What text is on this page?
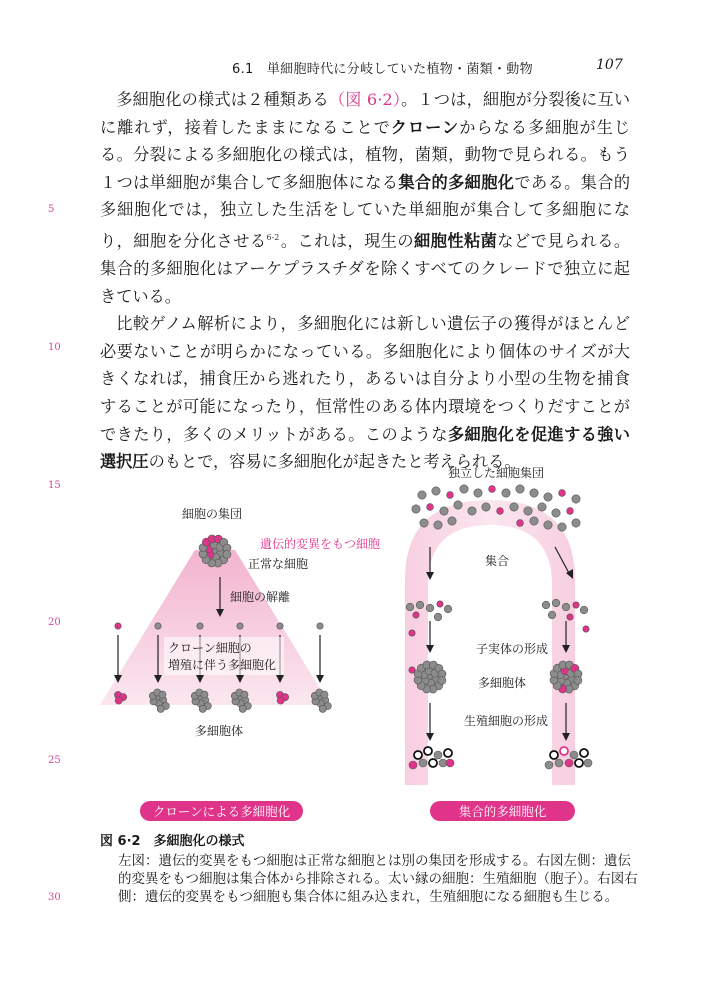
6.1　単細胞時代に分岐していた植物・菌類・動物	107
5
10
15
20
25
30

多細胞化の様式は２種類ある（図 6·2）。１つは，細胞が分裂後に互いに離れず，接着したままになることでクローンからなる多細胞が生じる。分裂による多細胞化の様式は，植物，菌類，動物で見られる。もう１つは単細胞が集合して多細胞体になる集合的多細胞化である。集合的多細胞化では，独立した生活をしていた単細胞が集合して多細胞になり，細胞を分化させる$^{6-2}$。これは，現生の細胞性粘菌などで見られる。集合的多細胞化はアーケプラスチダを除くすべてのクレードで独立に起きている。

比較ゲノム解析により，多細胞化には新しい遺伝子の獲得がほとんど必要ないことが明らかになっている。多細胞化により個体のサイズが大きくなれば，捕食圧から逃れたり，あるいは自分より小型の生物を捕食することが可能になったり，恒常性のある体内環境をつくりだすことができたり，多くのメリットがある。このような多細胞化を促進する強い選択圧のもとで，容易に多細胞化が起きたと考えられる。

細胞の集団
遺伝的変異をもつ細胞
正常な細胞
細胞の解離
クローン細胞の
増殖に伴う多細胞化
多細胞体
クローンによる多細胞化
独立した細胞集団
集合
子実体の形成
多細胞体
生殖細胞の形成
集合的多細胞化
図 6·2　多細胞化の様式
左図：遺伝的変異をもつ細胞は正常な細胞とは別の集団を形成する。右図左側：遺伝的変異をもつ細胞は集合体から排除される。太い縁の細胞：生殖細胞（胞子）。右図右側：遺伝的変異をもつ細胞も集合体に組み込まれ，生殖細胞になる細胞も生じる。
